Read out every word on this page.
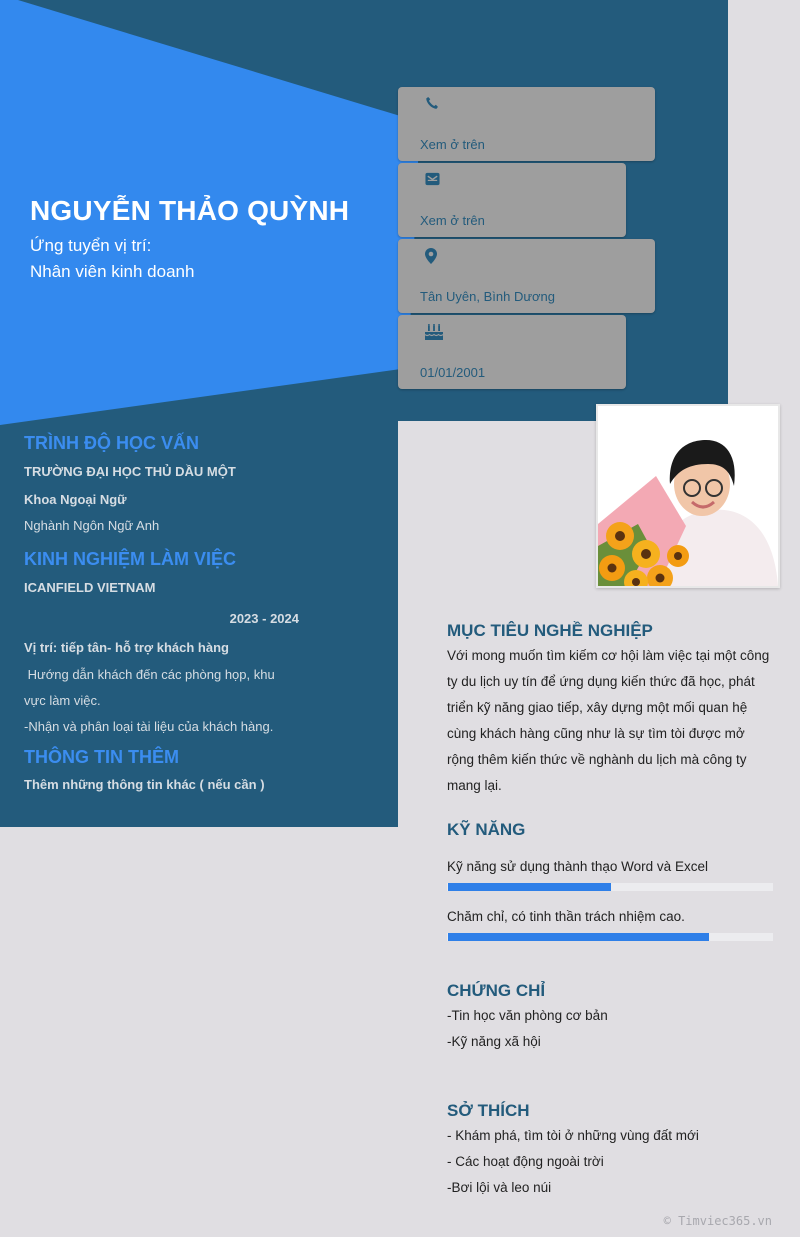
NGUYỄN THẢO QUỲNH
Ứng tuyển vị trí:
Nhân viên kinh doanh
Xem ở trên
Xem ở trên
Tân Uyên, Bình Dương
01/01/2001
TRÌNH ĐỘ HỌC VẤN
TRƯỜNG ĐẠI HỌC THỦ DẦU MỘT
Khoa Ngoại Ngữ
Nghành Ngôn Ngữ Anh
KINH NGHIỆM LÀM VIỆC
ICANFIELD VIETNAM
2023 - 2024
Vị trí: tiếp tân- hỗ trợ khách hàng
Hướng dẫn khách đến các phòng họp, khu vực làm việc.
-Nhận và phân loại tài liệu của khách hàng.
THÔNG TIN THÊM
Thêm những thông tin khác ( nếu cần )
MỤC TIÊU NGHỀ NGHIỆP
Với mong muốn tìm kiếm cơ hội làm việc tại một công ty du lịch uy tín để ứng dụng kiến thức đã học, phát triển kỹ năng giao tiếp, xây dựng một mối quan hệ cùng khách hàng cũng như là sự tìm tòi được mở rộng thêm kiến thức về nghành du lịch mà công ty mang lại.
KỸ NĂNG
Kỹ năng sử dụng thành thạo Word và Excel
Chăm chỉ, có tinh thần trách nhiệm cao.
CHỨNG CHỈ
-Tin học văn phòng cơ bản
-Kỹ năng xã hội
SỞ THÍCH
- Khám phá, tìm tòi ở những vùng đất mới
- Các hoạt động ngoài trời
-Bơi lội và leo núi
© Timviec365.vn
